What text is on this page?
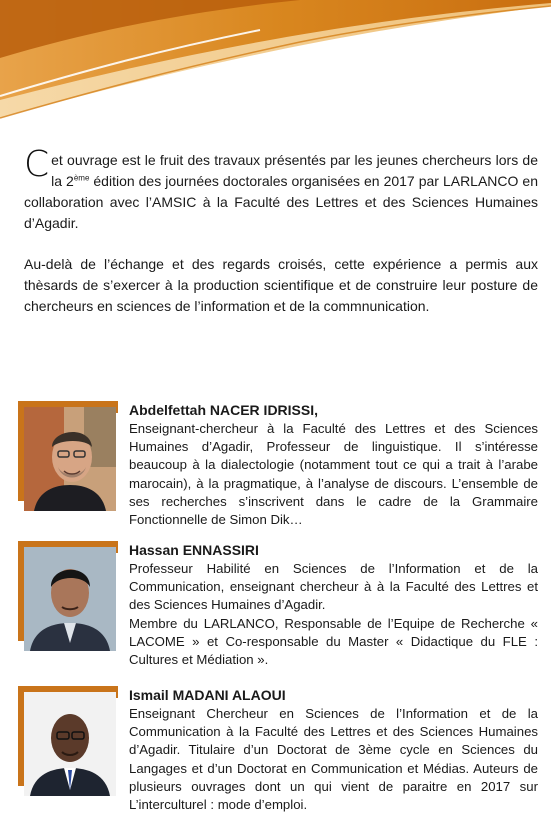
Cet ouvrage est le fruit des travaux présentés par les jeunes chercheurs lors de la 2ème édition des journées doctorales organisées en 2017 par LARLANCO en collaboration avec l’AMSIC à la Faculté des Lettres et des Sciences Humaines d’Agadir.

Au-delà de l’échange et des regards croisés, cette expérience a permis aux thèsards de s’exercer à la production scientifique et de construire leur posture de chercheurs en sciences de l’information et de la commnunication.

Abdelfettah NACER IDRISSI,

Enseignant-chercheur à la Faculté des Lettres et des Sciences Humaines d’Agadir, Professeur de linguistique. Il s’intéresse beaucoup à la dialectologie (notamment tout ce qui a trait à l’arabe marocain), à la pragmatique, à l’analyse de discours. L’ensemble de ses recherches s’inscrivent dans le cadre de la Grammaire Fonctionnelle de Simon Dik…

Hassan ENNASSIRI

Professeur Habilité en Sciences de l’Information et de la Communication, enseignant chercheur à à la Faculté des Lettres et des Sciences Humaines d’Agadir.
Membre du LARLANCO, Responsable de l’Equipe de Recherche « LACOME » et Co-responsable du Master « Didactique du FLE : Cultures et Médiation ».

Ismail MADANI ALAOUI

Enseignant Chercheur en Sciences de l’Information et de la Communication à la Faculté des Lettres et des Sciences Humaines d’Agadir. Titulaire d’un Doctorat de 3ème cycle en Sciences du Langages et d’un Doctorat en Communication et Médias. Auteurs de plusieurs ouvrages dont un qui vient de paraitre en 2017 sur L’interculturel : mode d’emploi.
